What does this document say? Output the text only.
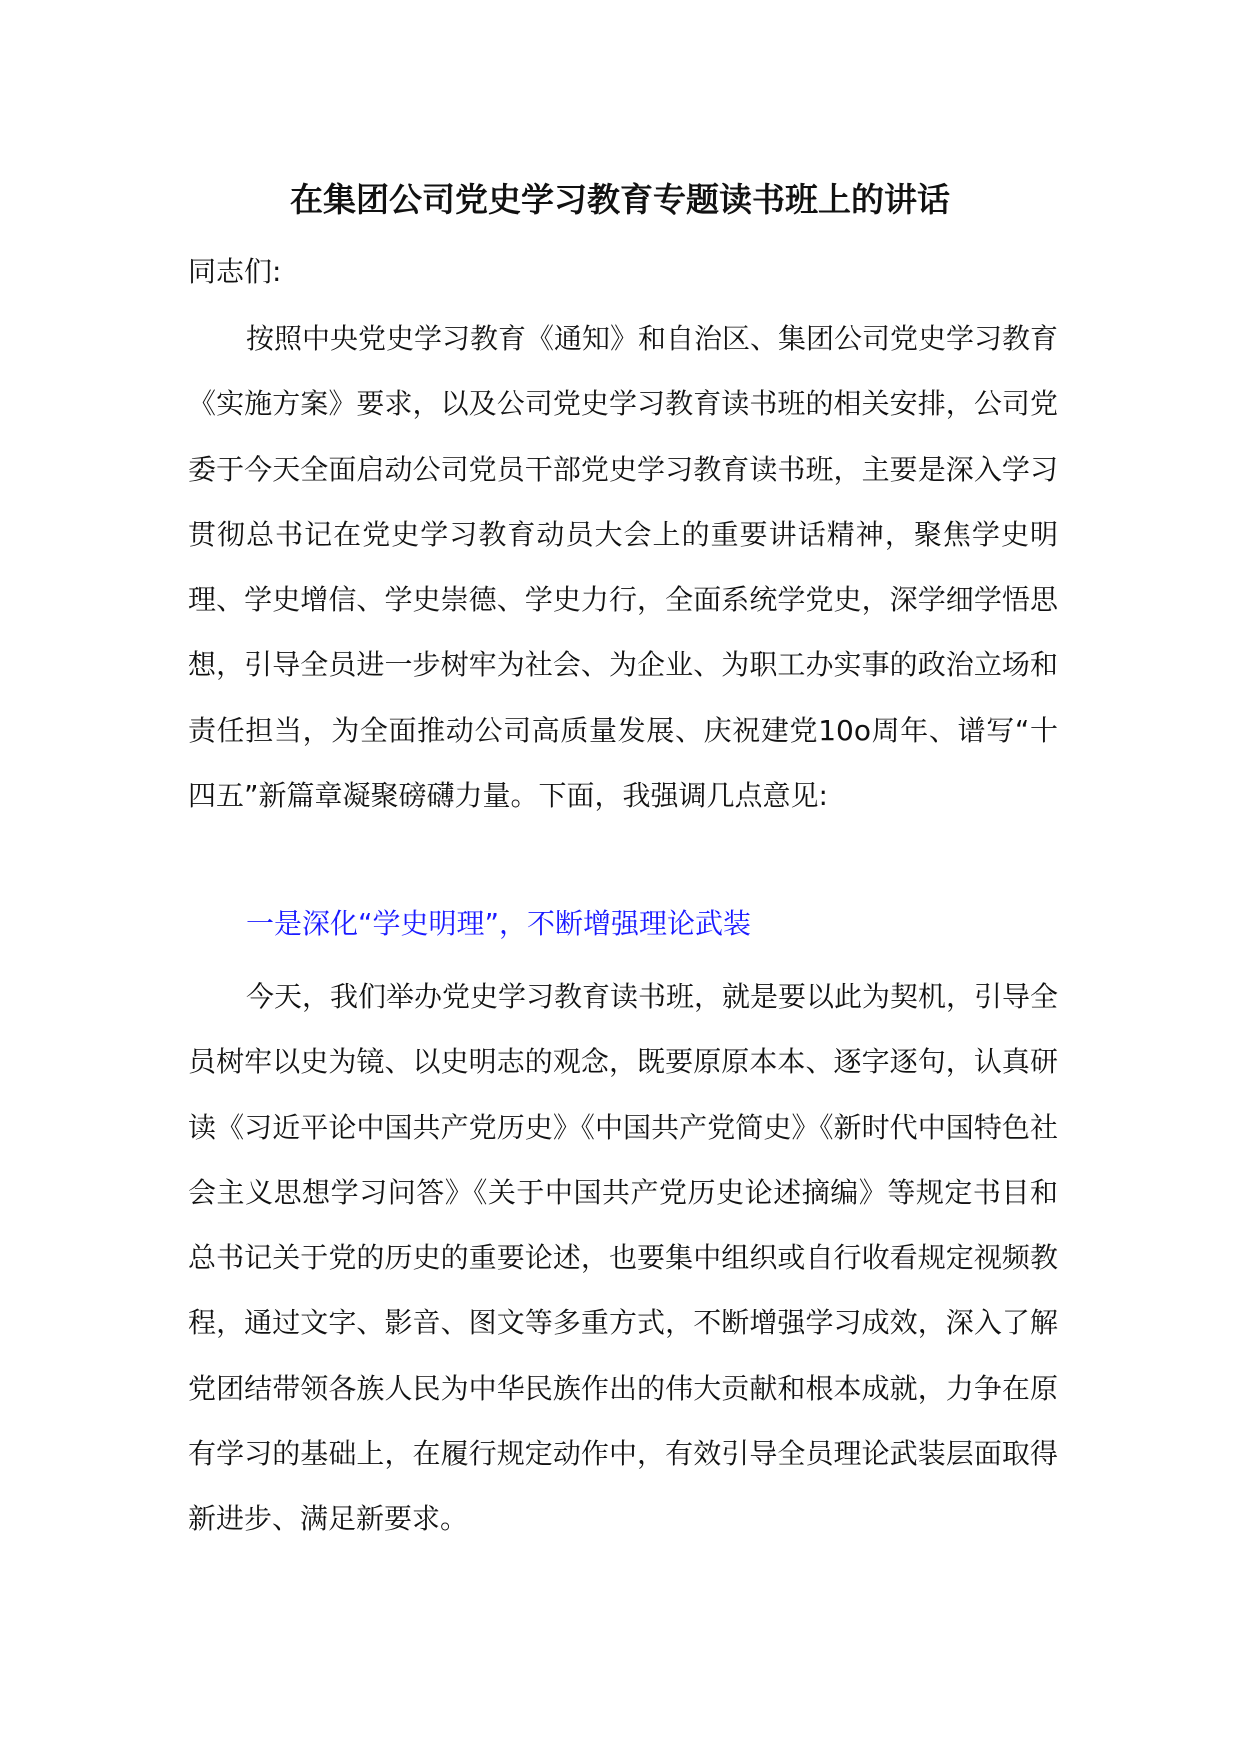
在集团公司党史学习教育专题读书班上的讲话
同志们:

按照中央党史学习教育《通知》和自治区、集团公司党史学习教育《实施方案》要求，以及公司党史学习教育读书班的相关安排，公司党委于今天全面启动公司党员干部党史学习教育读书班，主要是深入学习贯彻总书记在党史学习教育动员大会上的重要讲话精神，聚焦学史明理、学史增信、学史崇德、学史力行，全面系统学党史，深学细学悟思想，引导全员进一步树牢为社会、为企业、为职工办实事的政治立场和责任担当，为全面推动公司高质量发展、庆祝建党10o周年、谱写“十四五”新篇章凝聚磅礴力量。下面，我强调几点意见:

一是深化“学史明理”，不断增强理论武装

今天，我们举办党史学习教育读书班，就是要以此为契机，引导全员树牢以史为镜、以史明志的观念，既要原原本本、逐字逐句，认真研读《习近平论中国共产党历史》《中国共产党简史》《新时代中国特色社会主义思想学习问答》《关于中国共产党历史论述摘编》等规定书目和总书记关于党的历史的重要论述，也要集中组织或自行收看规定视频教程，通过文字、影音、图文等多重方式，不断增强学习成效，深入了解党团结带领各族人民为中华民族作出的伟大贡献和根本成就，力争在原有学习的基础上，在履行规定动作中，有效引导全员理论武装层面取得新进步、满足新要求。
